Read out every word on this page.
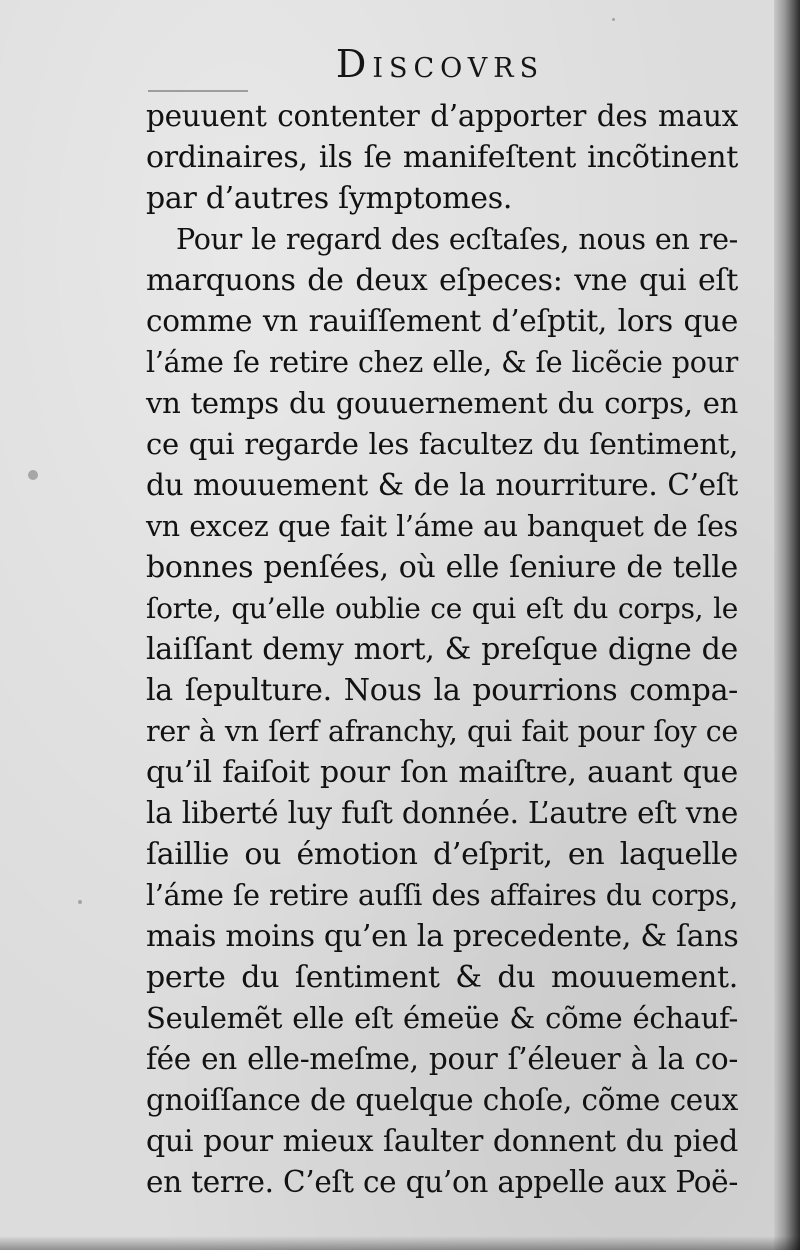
Discovrs
peuuent contenter d’apporter des maux
ordinaires, ils ſe manifeſtent incõtinent
par d’autres ſymptomes.
Pour le regard des ecſtaſes, nous en re-
marquons de deux eſpeces: vne qui eſt
comme vn rauiſſement d’eſptit, lors que
l’áme ſe retire chez elle, & ſe licẽcie pour
vn temps du gouuernement du corps, en
ce qui regarde les facultez du ſentiment,
du mouuement & de la nourriture. C’eſt
vn excez que fait l’áme au banquet de ſes
bonnes penſées, où elle ſeniure de telle
ſorte, qu’elle oublie ce qui eſt du corps, le
laiſſant demy mort, & preſque digne de
la ſepulture. Nous la pourrions compa-
rer à vn ſerf afranchy, qui fait pour ſoy ce
qu’il faiſoit pour ſon maiſtre, auant que
la liberté luy fuſt donnée. L’autre eſt vne
ſaillie ou émotion d’eſprit, en laquelle
l’áme ſe retire auſſi des affaires du corps,
mais moins qu’en la precedente, & ſans
perte du ſentiment & du mouuement.
Seulemẽt elle eſt émeüe & cõme échauf-
fée en elle-meſme, pour ſ’éleuer à la co-
gnoiſſance de quelque choſe, cõme ceux
qui pour mieux ſaulter donnent du pied
en terre. C’eſt ce qu’on appelle aux Poë-
